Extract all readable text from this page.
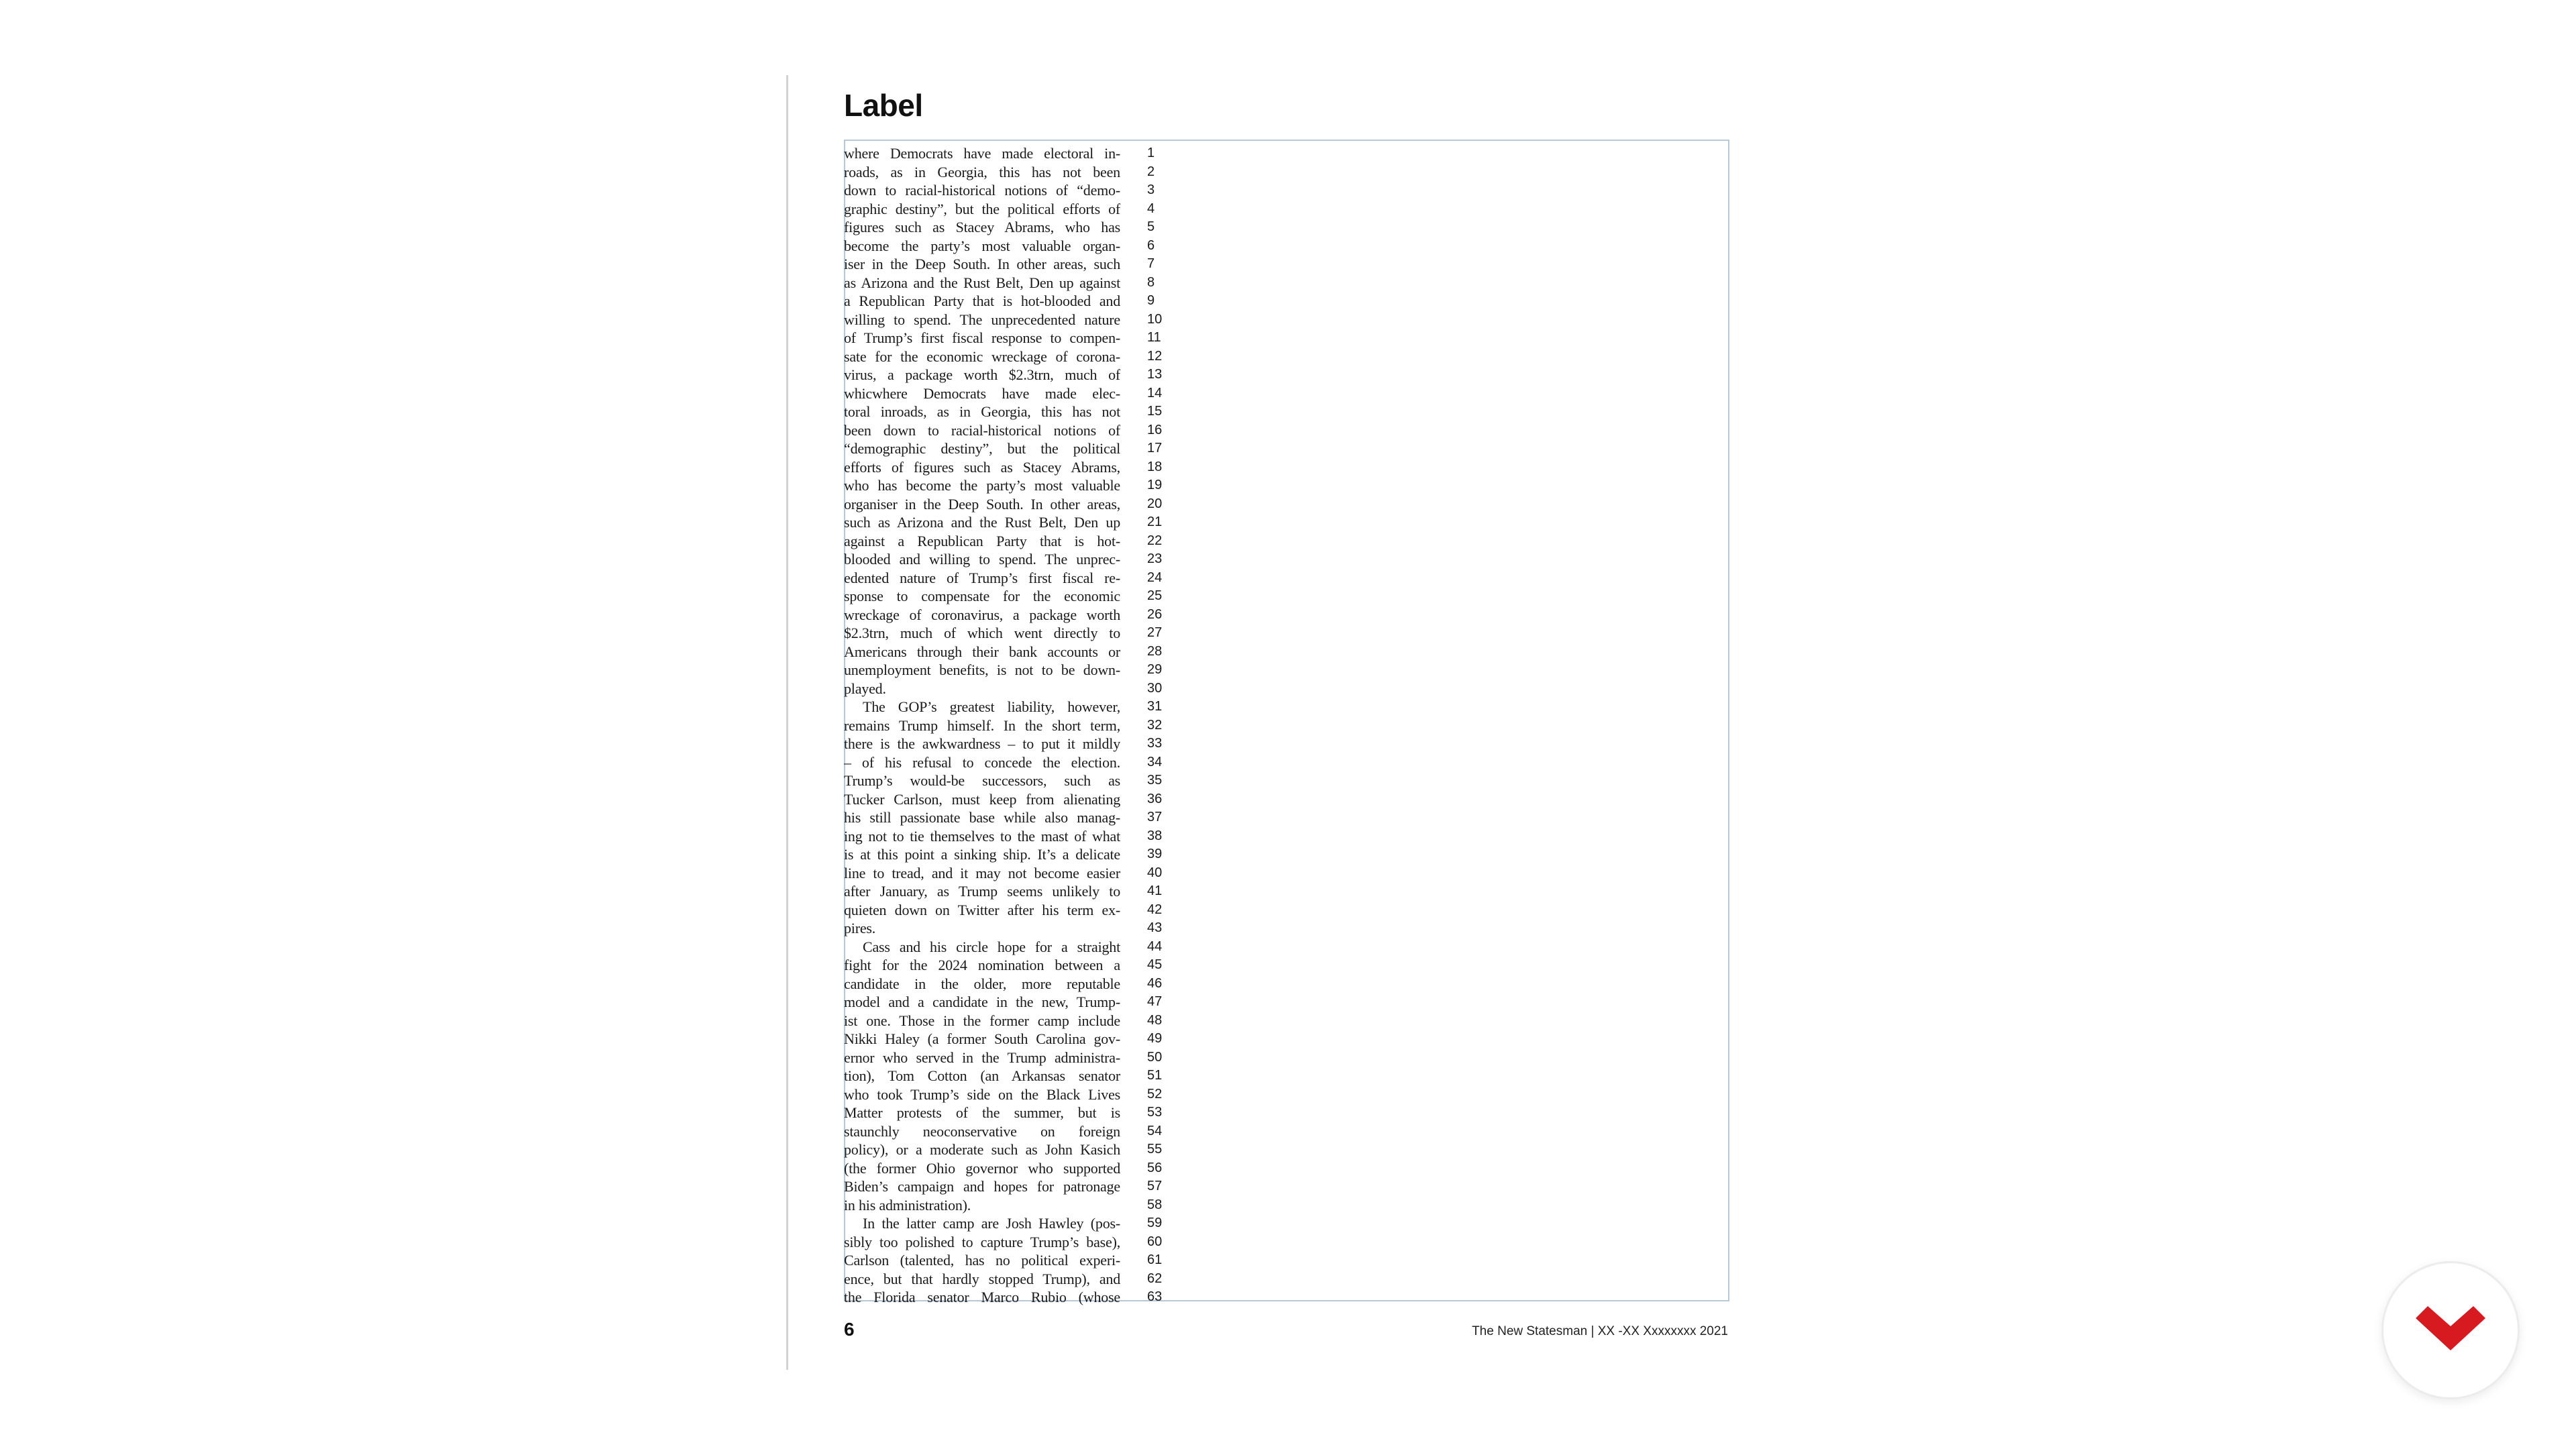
Label
where Democrats have made electoral in-
roads, as in Georgia, this has not been
down to racial-historical notions of “demo-
graphic destiny”, but the political efforts of
figures such as Stacey Abrams, who has
become the party’s most valuable organ-
iser in the Deep South. In other areas, such
as Arizona and the Rust Belt, Den up against
a Republican Party that is hot-blooded and
willing to spend. The unprecedented nature
of Trump’s first fiscal response to compen-
sate for the economic wreckage of corona-
virus, a package worth $2.3trn, much of
whicwhere Democrats have made elec-
toral inroads, as in Georgia, this has not
been down to racial-historical notions of
“demographic destiny”, but the political
efforts of figures such as Stacey Abrams,
who has become the party’s most valuable
organiser in the Deep South. In other areas,
such as Arizona and the Rust Belt, Den up
against a Republican Party that is hot-
blooded and willing to spend. The unprec-
edented nature of Trump’s first fiscal re-
sponse to compensate for the economic
wreckage of coronavirus, a package worth
$2.3trn, much of which went directly to
Americans through their bank accounts or
unemployment benefits, is not to be down-
played.
The GOP’s greatest liability, however,
remains Trump himself. In the short term,
there is the awkwardness – to put it mildly
– of his refusal to concede the election.
Trump’s would-be successors, such as
Tucker Carlson, must keep from alienating
his still passionate base while also manag-
ing not to tie themselves to the mast of what
is at this point a sinking ship. It’s a delicate
line to tread, and it may not become easier
after January, as Trump seems unlikely to
quieten down on Twitter after his term ex-
pires.
Cass and his circle hope for a straight
fight for the 2024 nomination between a
candidate in the older, more reputable
model and a candidate in the new, Trump-
ist one. Those in the former camp include
Nikki Haley (a former South Carolina gov-
ernor who served in the Trump administra-
tion), Tom Cotton (an Arkansas senator
who took Trump’s side on the Black Lives
Matter protests of the summer, but is
staunchly neoconservative on foreign
policy), or a moderate such as John Kasich
(the former Ohio governor who supported
Biden’s campaign and hopes for patronage
in his administration).
In the latter camp are Josh Hawley (pos-
sibly too polished to capture Trump’s base),
Carlson (talented, has no political experi-
ence, but that hardly stopped Trump), and
the Florida senator Marco Rubio (whose
1
2
3
4
5
6
7
8
9
10
11
12
13
14
15
16
17
18
19
20
21
22
23
24
25
26
27
28
29
30
31
32
33
34
35
36
37
38
39
40
41
42
43
44
45
46
47
48
49
50
51
52
53
54
55
56
57
58
59
60
61
62
63
6	The New Statesman | XX -XX Xxxxxxxx 2021
